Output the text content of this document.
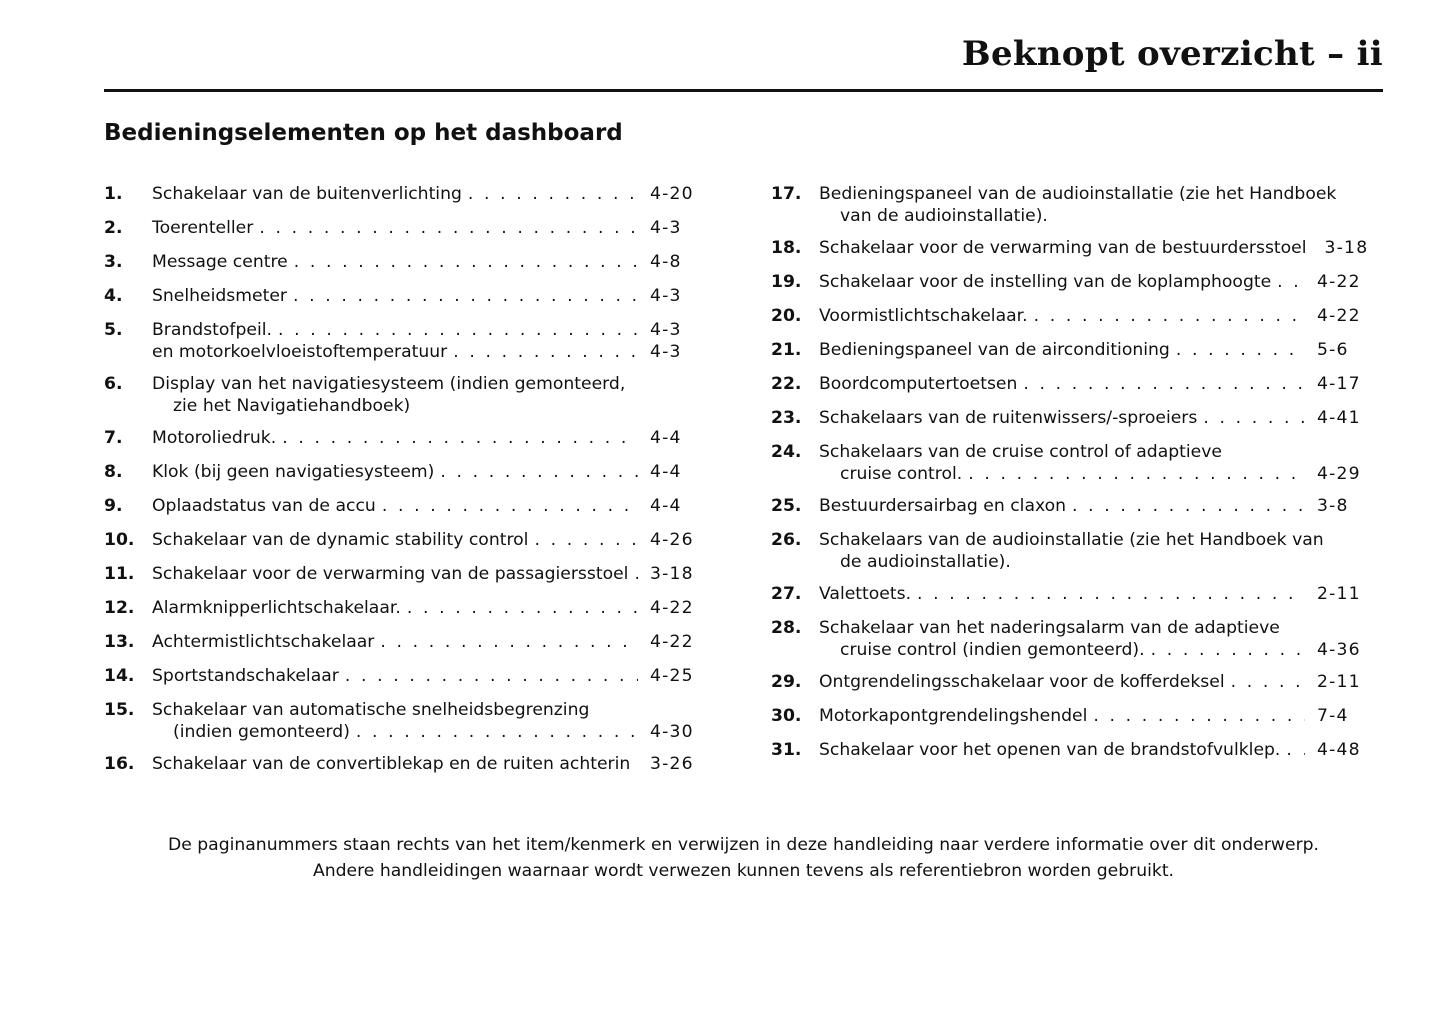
Beknopt overzicht – ii
Bedieningselementen op het dashboard
1. Schakelaar van de buitenverlichting . . .	4-20
2. Toerenteller . . .	4-3
3. Message centre . . .	4-8
4. Snelheidsmeter . . .	4-3
5. Brandstofpeil. . . .	4-3
en motorkoelvloeistoftemperatuur . . .	4-3
6. Display van het navigatiesysteem (indien gemonteerd,
zie het Navigatiehandboek)
7. Motoroliedruk. . . .	4-4
8. Klok (bij geen navigatiesysteem) . . .	4-4
9. Oplaadstatus van de accu . . .	4-4
10. Schakelaar van de dynamic stability control . . .	4-26
11. Schakelaar voor de verwarming van de passagiersstoel . . . 3-18
12. Alarmknipperlichtschakelaar. . . .	4-22
13. Achtermistlichtschakelaar . . .	4-22
14. Sportstandschakelaar . . .	4-25
15. Schakelaar van automatische snelheidsbegrenzing
(indien gemonteerd) . . .	4-30
16. Schakelaar van de convertiblekap en de ruiten achterin . . . 3-26
17. Bedieningspaneel van de audioinstallatie (zie het Handboek
van de audioinstallatie).
18. Schakelaar voor de verwarming van de bestuurdersstoel 3-18
19. Schakelaar voor de instelling van de koplamphoogte . . .	4-22
20. Voormistlichtschakelaar. . . .	4-22
21. Bedieningspaneel van de airconditioning . . .	5-6
22. Boordcomputertoetsen . . .	4-17
23. Schakelaars van de ruitenwissers/-sproeiers . . .	4-41
24. Schakelaars van de cruise control of adaptieve
cruise control. . . .	4-29
25. Bestuurdersairbag en claxon . . .	3-8
26. Schakelaars van de audioinstallatie (zie het Handboek van
de audioinstallatie).
27. Valettoets. . . .	2-11
28. Schakelaar van het naderingsalarm van de adaptieve
cruise control (indien gemonteerd). . . .	4-36
29. Ontgrendelingsschakelaar voor de kofferdeksel . . .	2-11
30. Motorkapontgrendelingshendel . . .	7-4
31. Schakelaar voor het openen van de brandstofvulklep. . . . 4-48
De paginanummers staan rechts van het item/kenmerk en verwijzen in deze handleiding naar verdere informatie over dit onderwerp.
Andere handleidingen waarnaar wordt verwezen kunnen tevens als referentiebron worden gebruikt.
